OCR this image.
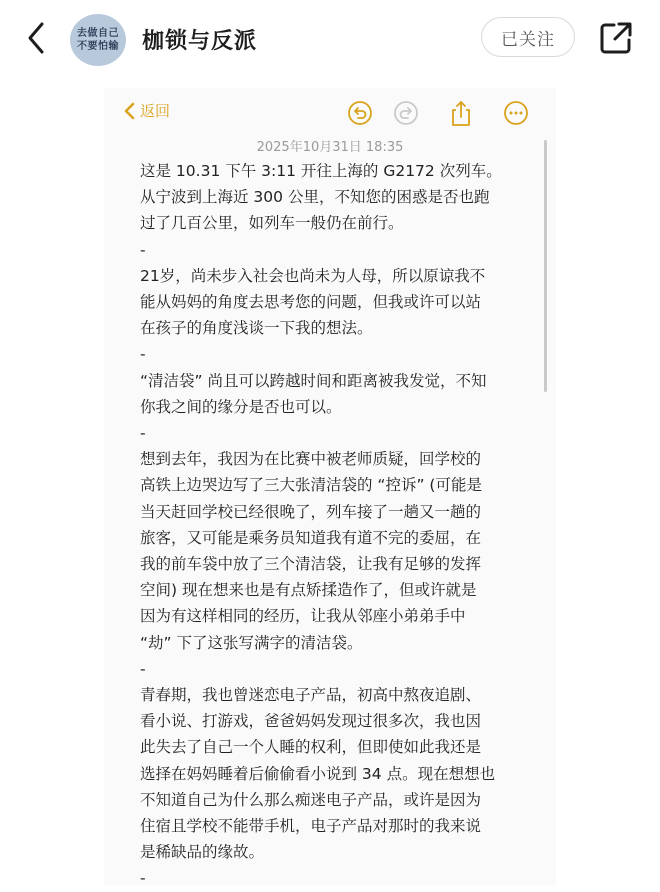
去做自己
不要怕输 枷锁与反派	已关注
返回
2025年10月31日 18:35

这是 10.31 下午 3:11 开往上海的 G2172 次列车。

从宁波到上海近 300 公里，不知您的困惑是否也跑

过了几百公里，如列车一般仍在前行。

-

21岁，尚未步入社会也尚未为人母，所以原谅我不

能从妈妈的角度去思考您的问题，但我或许可以站

在孩子的角度浅谈一下我的想法。

-

“清洁袋” 尚且可以跨越时间和距离被我发觉，不知

你我之间的缘分是否也可以。

-

想到去年，我因为在比赛中被老师质疑，回学校的

高铁上边哭边写了三大张清洁袋的 “控诉” (可能是

当天赶回学校已经很晚了，列车接了一趟又一趟的

旅客，又可能是乘务员知道我有道不完的委屈，在

我的前车袋中放了三个清洁袋，让我有足够的发挥

空间) 现在想来也是有点矫揉造作了，但或许就是

因为有这样相同的经历，让我从邻座小弟弟手中

“劫” 下了这张写满字的清洁袋。

-

青春期，我也曾迷恋电子产品，初高中熬夜追剧、

看小说、打游戏，爸爸妈妈发现过很多次，我也因

此失去了自己一个人睡的权利，但即使如此我还是

选择在妈妈睡着后偷偷看小说到 34 点。现在想想也

不知道自己为什么那么痴迷电子产品，或许是因为

住宿且学校不能带手机，电子产品对那时的我来说

是稀缺品的缘故。

-
